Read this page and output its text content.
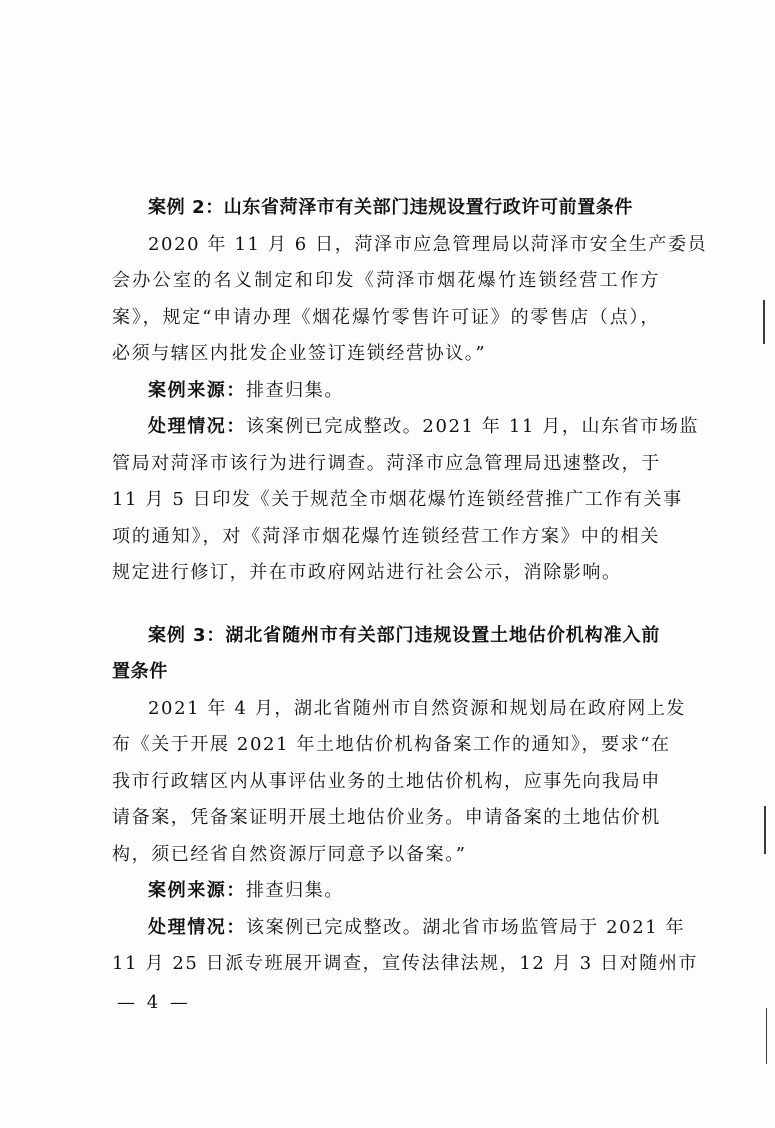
案例 2：山东省菏泽市有关部门违规设置行政许可前置条件
2020 年 11 月 6 日，菏泽市应急管理局以菏泽市安全生产委员
会办公室的名义制定和印发《菏泽市烟花爆竹连锁经营工作方
案》，规定“申请办理《烟花爆竹零售许可证》的零售店（点），
必须与辖区内批发企业签订连锁经营协议。”
案例来源：排查归集。
处理情况：该案例已完成整改。2021 年 11 月，山东省市场监
管局对菏泽市该行为进行调查。菏泽市应急管理局迅速整改，于
11 月 5 日印发《关于规范全市烟花爆竹连锁经营推广工作有关事
项的通知》，对《菏泽市烟花爆竹连锁经营工作方案》中的相关
规定进行修订，并在市政府网站进行社会公示，消除影响。
案例 3：湖北省随州市有关部门违规设置土地估价机构准入前
置条件
2021 年 4 月，湖北省随州市自然资源和规划局在政府网上发
布《关于开展 2021 年土地估价机构备案工作的通知》，要求“在
我市行政辖区内从事评估业务的土地估价机构，应事先向我局申
请备案，凭备案证明开展土地估价业务。申请备案的土地估价机
构，须已经省自然资源厅同意予以备案。”
案例来源：排查归集。
处理情况：该案例已完成整改。湖北省市场监管局于 2021 年
11 月 25 日派专班展开调查，宣传法律法规，12 月 3 日对随州市
— 4 —
